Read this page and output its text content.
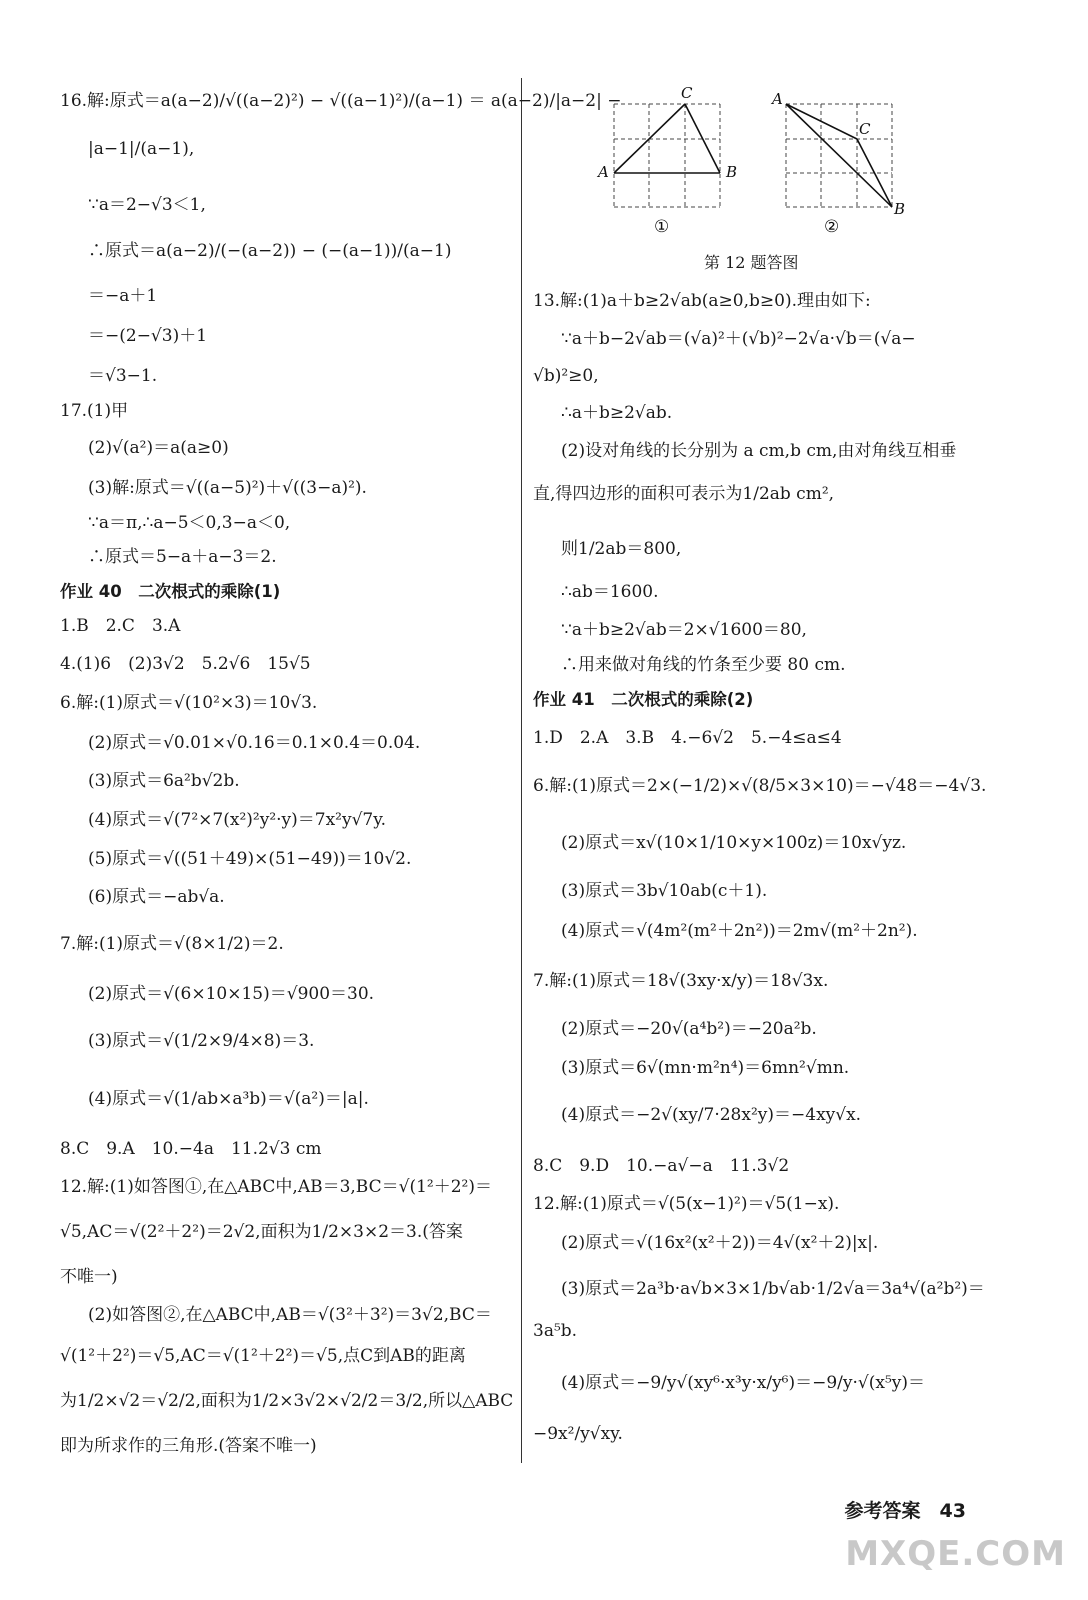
16.解:原式＝a(a−2)/√((a−2)²) − √((a−1)²)/(a−1) ＝ a(a−2)/|a−2| −
|a−1|/(a−1),
∵a＝2−√3＜1,
∴原式＝a(a−2)/(−(a−2)) − (−(a−1))/(a−1)
＝−a＋1
＝−(2−√3)＋1
＝√3−1.
17.(1)甲
(2)√(a²)＝a(a≥0)
(3)解:原式＝√((a−5)²)＋√((3−a)²).
∵a＝π,∴a−5＜0,3−a＜0,
∴原式＝5−a＋a−3＝2.
作业 40　二次根式的乘除(1)
1.B　2.C　3.A
4.(1)6　(2)3√2　5.2√6　15√5
6.解:(1)原式＝√(10²×3)＝10√3.
(2)原式＝√0.01×√0.16＝0.1×0.4＝0.04.
(3)原式＝6a²b√2b.
(4)原式＝√(7²×7(x²)²y²·y)＝7x²y√7y.
(5)原式＝√((51＋49)×(51−49))＝10√2.
(6)原式＝−ab√a.
7.解:(1)原式＝√(8×1/2)＝2.
(2)原式＝√(6×10×15)＝√900＝30.
(3)原式＝√(1/2×9/4×8)＝3.
(4)原式＝√(1/ab×a³b)＝√(a²)＝|a|.
8.C　9.A　10.−4a　11.2√3 cm
12.解:(1)如答图①,在△ABC中,AB＝3,BC＝√(1²＋2²)＝
√5,AC＝√(2²＋2²)＝2√2,面积为1/2×3×2＝3.(答案
不唯一)
(2)如答图②,在△ABC中,AB＝√(3²＋3²)＝3√2,BC＝
√(1²＋2²)＝√5,AC＝√(1²＋2²)＝√5,点C到AB的距离
为1/2×√2＝√2/2,面积为1/2×3√2×√2/2＝3/2,所以△ABC
即为所求作的三角形.(答案不唯一)
13.解:(1)a＋b≥2√ab(a≥0,b≥0).理由如下:
∵a＋b−2√ab＝(√a)²＋(√b)²−2√a·√b＝(√a−
√b)²≥0,
∴a＋b≥2√ab.
(2)设对角线的长分别为 a cm,b cm,由对角线互相垂
直,得四边形的面积可表示为1/2ab cm²,
则1/2ab＝800,
∴ab＝1600.
∵a＋b≥2√ab＝2×√1600＝80,
∴用来做对角线的竹条至少要 80 cm.
作业 41　二次根式的乘除(2)
1.D　2.A　3.B　4.−6√2　5.−4≤a≤4
6.解:(1)原式＝2×(−1/2)×√(8/5×3×10)＝−√48＝−4√3.
(2)原式＝x√(10×1/10×y×100z)＝10x√yz.
(3)原式＝3b√10ab(c＋1).
(4)原式＝√(4m²(m²＋2n²))＝2m√(m²＋2n²).
7.解:(1)原式＝18√(3xy·x/y)＝18√3x.
(2)原式＝−20√(a⁴b²)＝−20a²b.
(3)原式＝6√(mn·m²n⁴)＝6mn²√mn.
(4)原式＝−2√(xy/7·28x²y)＝−4xy√x.
8.C　9.D　10.−a√−a　11.3√2
12.解:(1)原式＝√(5(x−1)²)＝√5(1−x).
(2)原式＝√(16x²(x²＋2))＝4√(x²＋2)|x|.
(3)原式＝2a³b·a√b×3×1/b√ab·1/2√a＝3a⁴√(a²b²)＝
3a⁵b.
(4)原式＝−9/y√(xy⁶·x³y·x/y⁶)＝−9/y·√(x⁵y)＝
−9x²/y√xy.
A	B
C
①
A
B
C
②
第 12 题答图
参考答案　43
MXQE.COM
